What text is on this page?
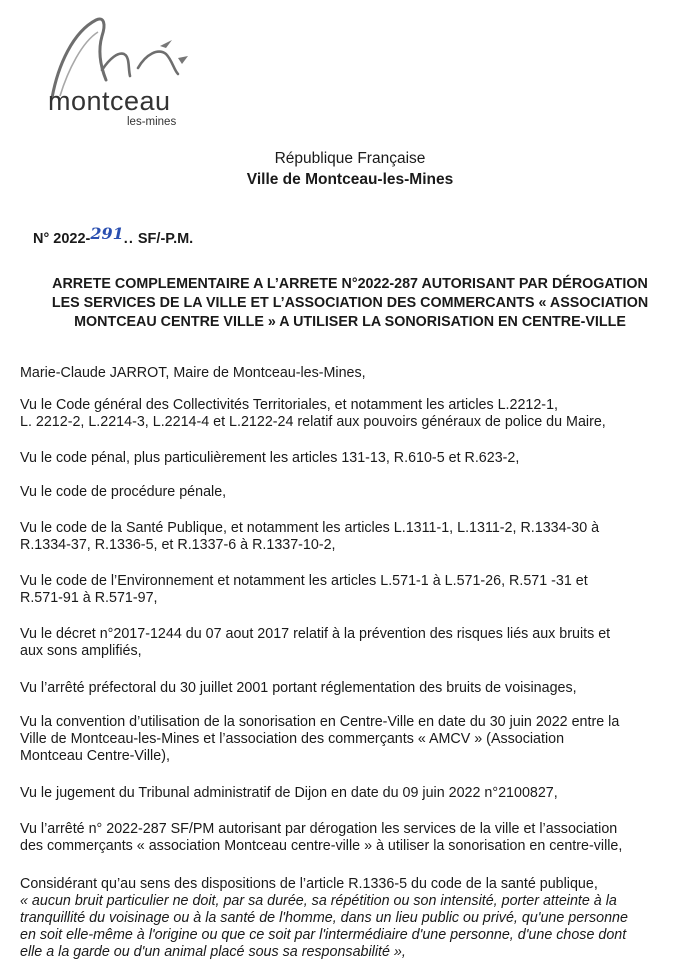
montceau
les-mines
République Française
Ville de Montceau-les-Mines
N° 2022-291.. SF/-P.M.
ARRETE COMPLEMENTAIRE A L’ARRETE N°2022-287 AUTORISANT PAR DÉROGATION
LES SERVICES DE LA VILLE ET L’ASSOCIATION DES COMMERCANTS « ASSOCIATION
MONTCEAU CENTRE VILLE » A UTILISER LA SONORISATION EN CENTRE-VILLE
Marie-Claude JARROT, Maire de Montceau-les-Mines,
Vu le Code général des Collectivités Territoriales, et notamment les articles L.2212-1,
L. 2212-2, L.2214-3, L.2214-4 et L.2122-24 relatif aux pouvoirs généraux de police du Maire,
Vu le code pénal, plus particulièrement les articles 131-13, R.610-5 et R.623-2,
Vu le code de procédure pénale,
Vu le code de la Santé Publique, et notamment les articles L.1311-1, L.1311-2, R.1334-30 à
R.1334-37, R.1336-5, et R.1337-6 à R.1337-10-2,
Vu le code de l’Environnement et notamment les articles L.571-1 à L.571-26, R.571 -31 et
R.571-91 à R.571-97,
Vu le décret n°2017-1244 du 07 aout 2017 relatif à la prévention des risques liés aux bruits et
aux sons amplifiés,
Vu l’arrêté préfectoral du 30 juillet 2001 portant réglementation des bruits de voisinages,
Vu la convention d’utilisation de la sonorisation en Centre-Ville en date du 30 juin 2022 entre la
Ville de Montceau-les-Mines et l’association des commerçants « AMCV » (Association
Montceau Centre-Ville),
Vu le jugement du Tribunal administratif de Dijon en date du 09 juin 2022 n°2100827,
Vu l’arrêté n° 2022-287 SF/PM autorisant par dérogation les services de la ville et l’association
des commerçants « association Montceau centre-ville » à utiliser la sonorisation en centre-ville,
Considérant qu’au sens des dispositions de l’article R.1336-5 du code de la santé publique,
« aucun bruit particulier ne doit, par sa durée, sa répétition ou son intensité, porter atteinte à la
tranquillité du voisinage ou à la santé de l'homme, dans un lieu public ou privé, qu'une personne
en soit elle-même à l'origine ou que ce soit par l'intermédiaire d'une personne, d'une chose dont
elle a la garde ou d'un animal placé sous sa responsabilité »,
